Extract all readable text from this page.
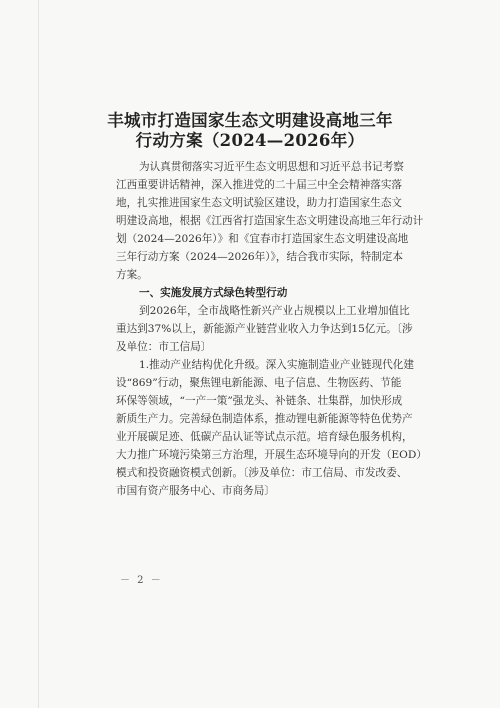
丰城市打造国家生态文明建设高地三年
行动方案（2024—2026年）
为认真贯彻落实习近平生态文明思想和习近平总书记考察
江西重要讲话精神，深入推进党的二十届三中全会精神落实落
地，扎实推进国家生态文明试验区建设，助力打造国家生态文
明建设高地，根据《江西省打造国家生态文明建设高地三年行动计
划（2024—2026年）》和《宜春市打造国家生态文明建设高地
三年行动方案（2024—2026年）》，结合我市实际，特制定本
方案。
一、实施发展方式绿色转型行动
到2026年，全市战略性新兴产业占规模以上工业增加值比
重达到37%以上，新能源产业链营业收入力争达到15亿元。〔涉
及单位：市工信局〕
1.推动产业结构优化升级。深入实施制造业产业链现代化建
设“869”行动，聚焦锂电新能源、电子信息、生物医药、节能
环保等领域，“一产一策”强龙头、补链条、壮集群，加快形成
新质生产力。完善绿色制造体系，推动锂电新能源等特色优势产
业开展碳足迹、低碳产品认证等试点示范。培育绿色服务机构，
大力推广环境污染第三方治理，开展生态环境导向的开发（EOD）
模式和投资融资模式创新。〔涉及单位：市工信局、市发改委、
市国有资产服务中心、市商务局〕
－ 2 －
